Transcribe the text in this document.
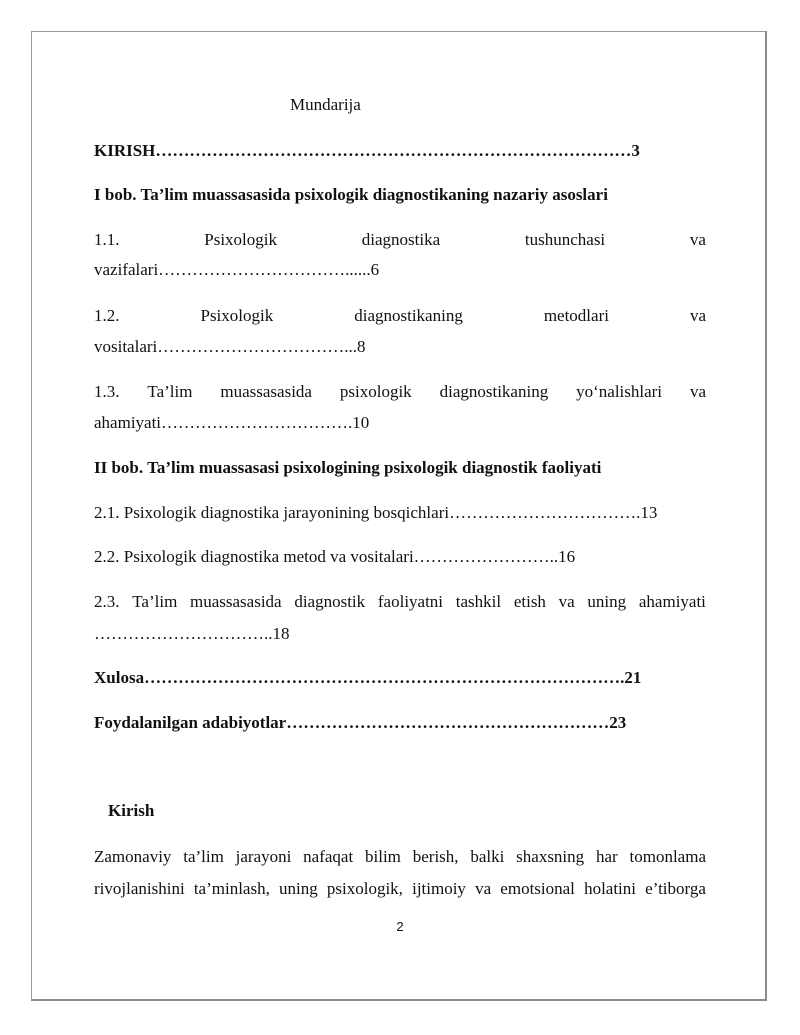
Mundarija
KIRISH…………………………………………………………………………3
I bob. Ta’lim muassasasida psixologik diagnostikaning nazariy asoslari
1.1.	Psixologik	diagnostika	tushunchasi	va
vazifalari……………………………......6
1.2.	Psixologik	diagnostikaning	metodlari	va
vositalari……………………………...8
1.3. Ta’lim muassasasida psixologik diagnostikaning yo‘nalishlari va
ahamiyati…………………………….10
II bob. Ta’lim muassasasi psixologining psixologik diagnostik faoliyati
2.1. Psixologik diagnostika jarayonining bosqichlari…………………………….13
2.2. Psixologik diagnostika metod va vositalari……………………..16
2.3. Ta’lim muassasasida diagnostik faoliyatni tashkil etish va uning ahamiyati
…………………………..18
Xulosa………………………………………………………………………….21
Foydalanilgan adabiyotlar…………………………………………………23
Kirish
Zamonaviy ta’lim jarayoni nafaqat bilim berish, balki shaxsning har tomonlama
rivojlanishini ta’minlash, uning psixologik, ijtimoiy va emotsional holatini e’tiborga
2
